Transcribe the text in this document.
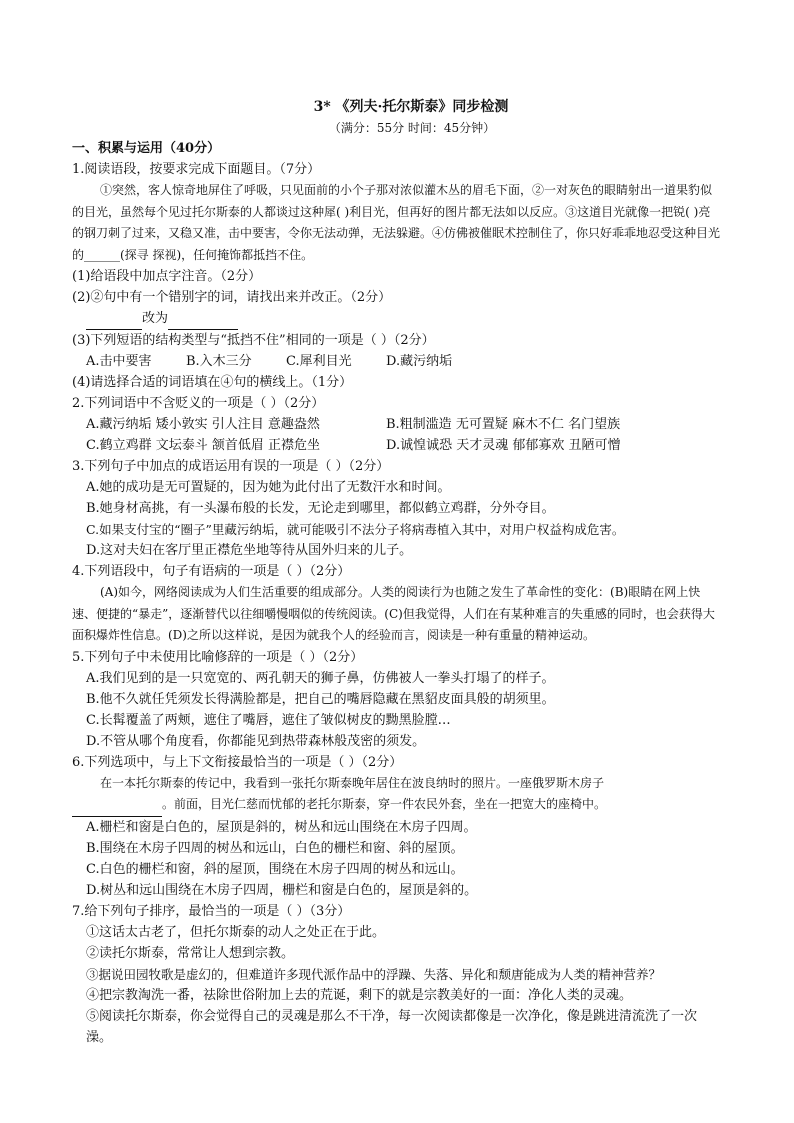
3* 《列夫·托尔斯泰》同步检测
（满分：55分 时间：45分钟）
一、积累与运用（40分）
1.阅读语段，按要求完成下面题目。（7分）
①突然，客人惊奇地屏住了呼吸，只见面前的小个子那对浓似灌木丛的眉毛下面，②一对灰色的眼睛射出一道果豹似的目光，虽然每个见过托尔斯泰的人都谈过这种犀( )利目光，但再好的图片都无法如以反应。③这道目光就像一把锐( )亮的钢刀刺了过来，又稳又准，击中要害，令你无法动弹，无法躲避。④仿佛被催眠术控制住了，你只好乖乖地忍受这种目光的______(探寻 探视)，任何掩饰都抵挡不住。
(1)给语段中加点字注音。（2分）
(2)②句中有一个错别字的词，请找出来并改正。（2分）
改为
(3)下列短语的结构类型与“抵挡不住”相同的一项是（ ）（2分）
A.击中要害	B.入木三分	C.犀利目光	D.藏污纳垢
(4)请选择合适的词语填在④句的横线上。（1分）
2.下列词语中不含贬义的一项是（ ）（2分）
A.藏污纳垢 矮小敦实 引人注目 意趣盎然	B.粗制滥造 无可置疑 麻木不仁 名门望族
C.鹤立鸡群 文坛泰斗 颔首低眉 正襟危坐	D.诚惶诚恐 天才灵魂 郁郁寡欢 丑陋可憎
3.下列句子中加点的成语运用有误的一项是（ ）（2分）
A.她的成功是无可置疑的，因为她为此付出了无数汗水和时间。
B.她身材高挑，有一头瀑布般的长发，无论走到哪里，都似鹤立鸡群，分外夺目。
C.如果支付宝的“圈子”里藏污纳垢，就可能吸引不法分子将病毒植入其中，对用户权益构成危害。
D.这对夫妇在客厅里正襟危坐地等待从国外归来的儿子。
4.下列语段中，句子有语病的一项是（ ）（2分）
(A)如今，网络阅读成为人们生活重要的组成部分。人类的阅读行为也随之发生了革命性的变化：(B)眼睛在网上快速、便捷的“暴走”，逐渐替代以往细嚼慢咽似的传统阅读。(C)但我觉得，人们在有某种难言的失重感的同时，也会获得大面积爆炸性信息。(D)之所以这样说，是因为就我个人的经验而言，阅读是一种有重量的精神运动。
5.下列句子中未使用比喻修辞的一项是（ ）（2分）
A.我们见到的是一只宽宽的、两孔朝天的狮子鼻，仿佛被人一拳头打塌了的样子。
B.他不久就任凭须发长得满脸都是，把自己的嘴唇隐藏在黑貂皮面具般的胡须里。
C.长髯覆盖了两颊，遮住了嘴唇，遮住了皱似树皮的黝黑脸膛…
D.不管从哪个角度看，你都能见到热带森林般茂密的须发。
6.下列选项中，与上下文衔接最恰当的一项是（ ）（2分）
在一本托尔斯泰的传记中，我看到一张托尔斯泰晚年居住在波良纳时的照片。一座俄罗斯木房子
。前面，目光仁慈而忧郁的老托尔斯泰，穿一件农民外套，坐在一把宽大的座椅中。
A.栅栏和窗是白色的，屋顶是斜的，树丛和远山围绕在木房子四周。
B.围绕在木房子四周的树丛和远山，白色的栅栏和窗、斜的屋顶。
C.白色的栅栏和窗，斜的屋顶，围绕在木房子四周的树丛和远山。
D.树丛和远山围绕在木房子四周，栅栏和窗是白色的，屋顶是斜的。
7.给下列句子排序，最恰当的一项是（ ）（3分）
①这话太古老了，但托尔斯泰的动人之处正在于此。
②读托尔斯泰，常常让人想到宗教。
③据说田园牧歌是虚幻的，但难道许多现代派作品中的浮躁、失落、异化和颓唐能成为人类的精神营养？
④把宗教淘洗一番，祛除世俗附加上去的荒诞，剩下的就是宗教美好的一面：净化人类的灵魂。
⑤阅读托尔斯泰，你会觉得自己的灵魂是那么不干净，每一次阅读都像是一次净化，像是跳进清流洗了一次澡。
